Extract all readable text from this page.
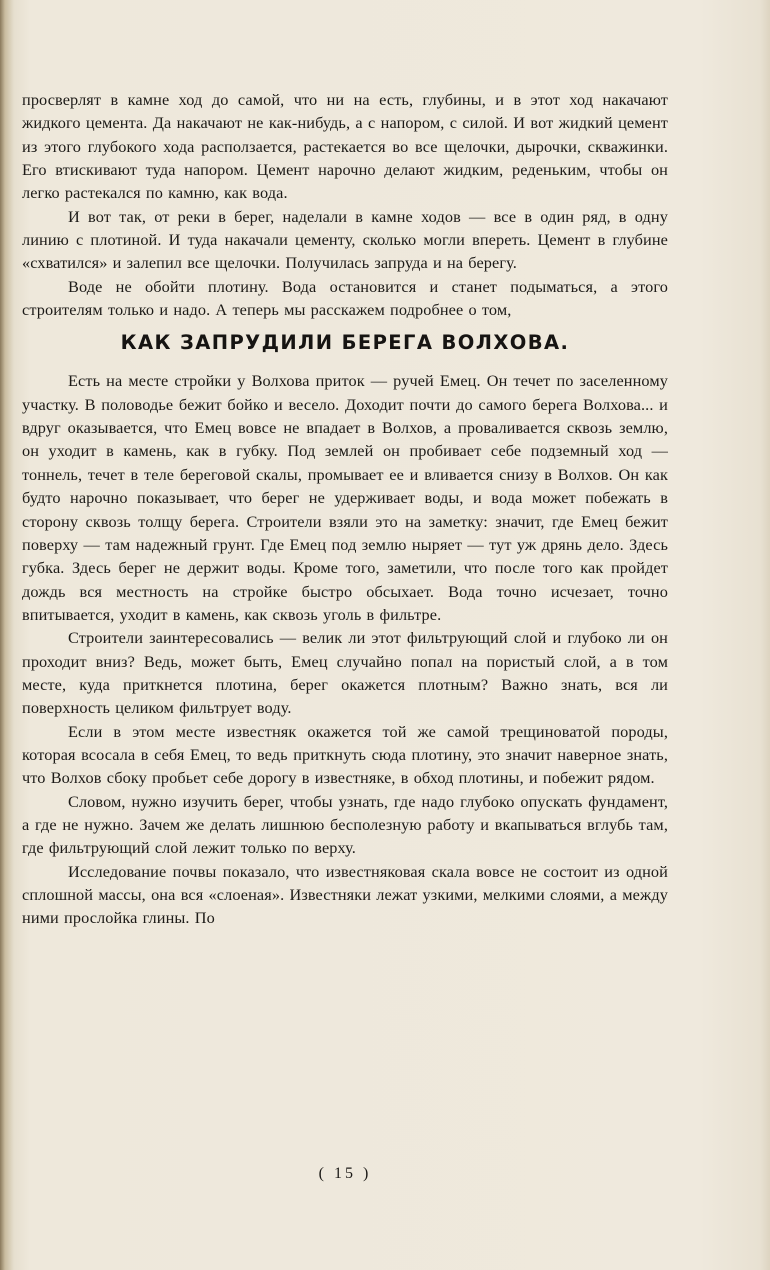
просверлят в камне ход до самой, что ни на есть, глубины, и в этот ход накачают жидкого цемента. Да накачают не как-нибудь, а с напором, с силой. И вот жидкий цемент из этого глубокого хода расползается, растекается во все щелочки, дырочки, скважинки. Его втискивают туда напором. Цемент нарочно делают жидким, реденьким, чтобы он легко растекался по камню, как вода.

И вот так, от реки в берег, наделали в камне ходов — все в один ряд, в одну линию с плотиной. И туда накачали цементу, сколько могли впереть. Цемент в глубине «схватился» и залепил все щелочки. Получилась запруда и на берегу.

Воде не обойти плотину. Вода остановится и станет подыматься, а этого строителям только и надо. А теперь мы расскажем подробнее о том,

КАК ЗАПРУДИЛИ БЕРЕГА ВОЛХОВА.

Есть на месте стройки у Волхова приток — ручей Емец. Он течет по заселенному участку. В половодье бежит бойко и весело. Доходит почти до самого берега Волхова... и вдруг оказывается, что Емец вовсе не впадает в Волхов, а проваливается сквозь землю, он уходит в камень, как в губку. Под землей он пробивает себе подземный ход — тоннель, течет в теле береговой скалы, промывает ее и вливается снизу в Волхов. Он как будто нарочно показывает, что берег не удерживает воды, и вода может побежать в сторону сквозь толщу берега. Строители взяли это на заметку: значит, где Емец бежит поверху — там надежный грунт. Где Емец под землю ныряет — тут уж дрянь дело. Здесь губка. Здесь берег не держит воды. Кроме того, заметили, что после того как пройдет дождь вся местность на стройке быстро обсыхает. Вода точно исчезает, точно впитывается, уходит в камень, как сквозь уголь в фильтре.

Строители заинтересовались — велик ли этот фильтрующий слой и глубоко ли он проходит вниз? Ведь, может быть, Емец случайно попал на пористый слой, а в том месте, куда приткнется плотина, берег окажется плотным? Важно знать, вся ли поверхность целиком фильтрует воду.

Если в этом месте известняк окажется той же самой трещиноватой породы, которая всосала в себя Емец, то ведь приткнуть сюда плотину, это значит наверное знать, что Волхов сбоку пробьет себе дорогу в известняке, в обход плотины, и побежит рядом.

Словом, нужно изучить берег, чтобы узнать, где надо глубоко опускать фундамент, а где не нужно. Зачем же делать лишнюю бесполезную работу и вкапываться вглубь там, где фильтрующий слой лежит только по верху.

Исследование почвы показало, что известняковая скала вовсе не состоит из одной сплошной массы, она вся «слоеная». Известняки лежат узкими, мелкими слоями, а между ними прослойка глины. По

( 15 )
